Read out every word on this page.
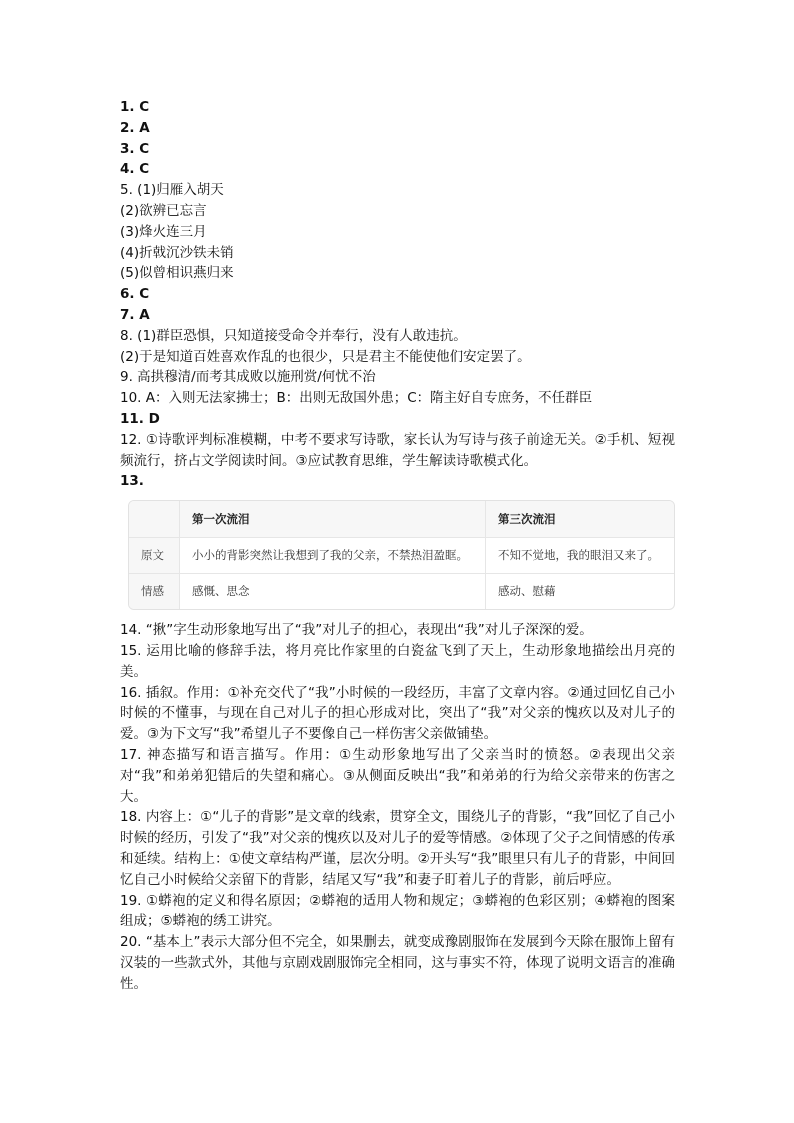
1. C
2. A
3. C
4. C
5. (1)归雁入胡天
(2)欲辨已忘言
(3)烽火连三月
(4)折戟沉沙铁未销
(5)似曾相识燕归来
6. C
7. A
8. (1)群臣恐惧，只知道接受命令并奉行，没有人敢违抗。
(2)于是知道百姓喜欢作乱的也很少，只是君主不能使他们安定罢了。
9. 高拱穆清/而考其成败以施刑赏/何忧不治
10. A：入则无法家拂士；B：出则无敌国外患；C：隋主好自专庶务，不任群臣
11. D
12. ①诗歌评判标准模糊，中考不要求写诗歌，家长认为写诗与孩子前途无关。②手机、短视频流行，挤占文学阅读时间。③应试教育思维，学生解读诗歌模式化。
13.
	第一次流泪	第三次流泪
原文	小小的背影突然让我想到了我的父亲，不禁热泪盈眶。	不知不觉地，我的眼泪又来了。
情感	感慨、思念	感动、慰藉
14. “揪”字生动形象地写出了“我”对儿子的担心，表现出“我”对儿子深深的爱。
15. 运用比喻的修辞手法，将月亮比作家里的白瓷盆飞到了天上，生动形象地描绘出月亮的美。
16. 插叙。作用：①补充交代了“我”小时候的一段经历，丰富了文章内容。②通过回忆自己小时候的不懂事，与现在自己对儿子的担心形成对比，突出了“我”对父亲的愧疚以及对儿子的爱。③为下文写“我”希望儿子不要像自己一样伤害父亲做铺垫。
17. 神态描写和语言描写。作用：①生动形象地写出了父亲当时的愤怒。②表现出父亲对“我”和弟弟犯错后的失望和痛心。③从侧面反映出“我”和弟弟的行为给父亲带来的伤害之大。
18. 内容上：①“儿子的背影”是文章的线索，贯穿全文，围绕儿子的背影，“我”回忆了自己小时候的经历，引发了“我”对父亲的愧疚以及对儿子的爱等情感。②体现了父子之间情感的传承和延续。结构上：①使文章结构严谨，层次分明。②开头写“我”眼里只有儿子的背影，中间回忆自己小时候给父亲留下的背影，结尾又写“我”和妻子盯着儿子的背影，前后呼应。
19. ①蟒袍的定义和得名原因；②蟒袍的适用人物和规定；③蟒袍的色彩区别；④蟒袍的图案组成；⑤蟒袍的绣工讲究。
20. “基本上”表示大部分但不完全，如果删去，就变成豫剧服饰在发展到今天除在服饰上留有汉装的一些款式外，其他与京剧戏剧服饰完全相同，这与事实不符，体现了说明文语言的准确性。
